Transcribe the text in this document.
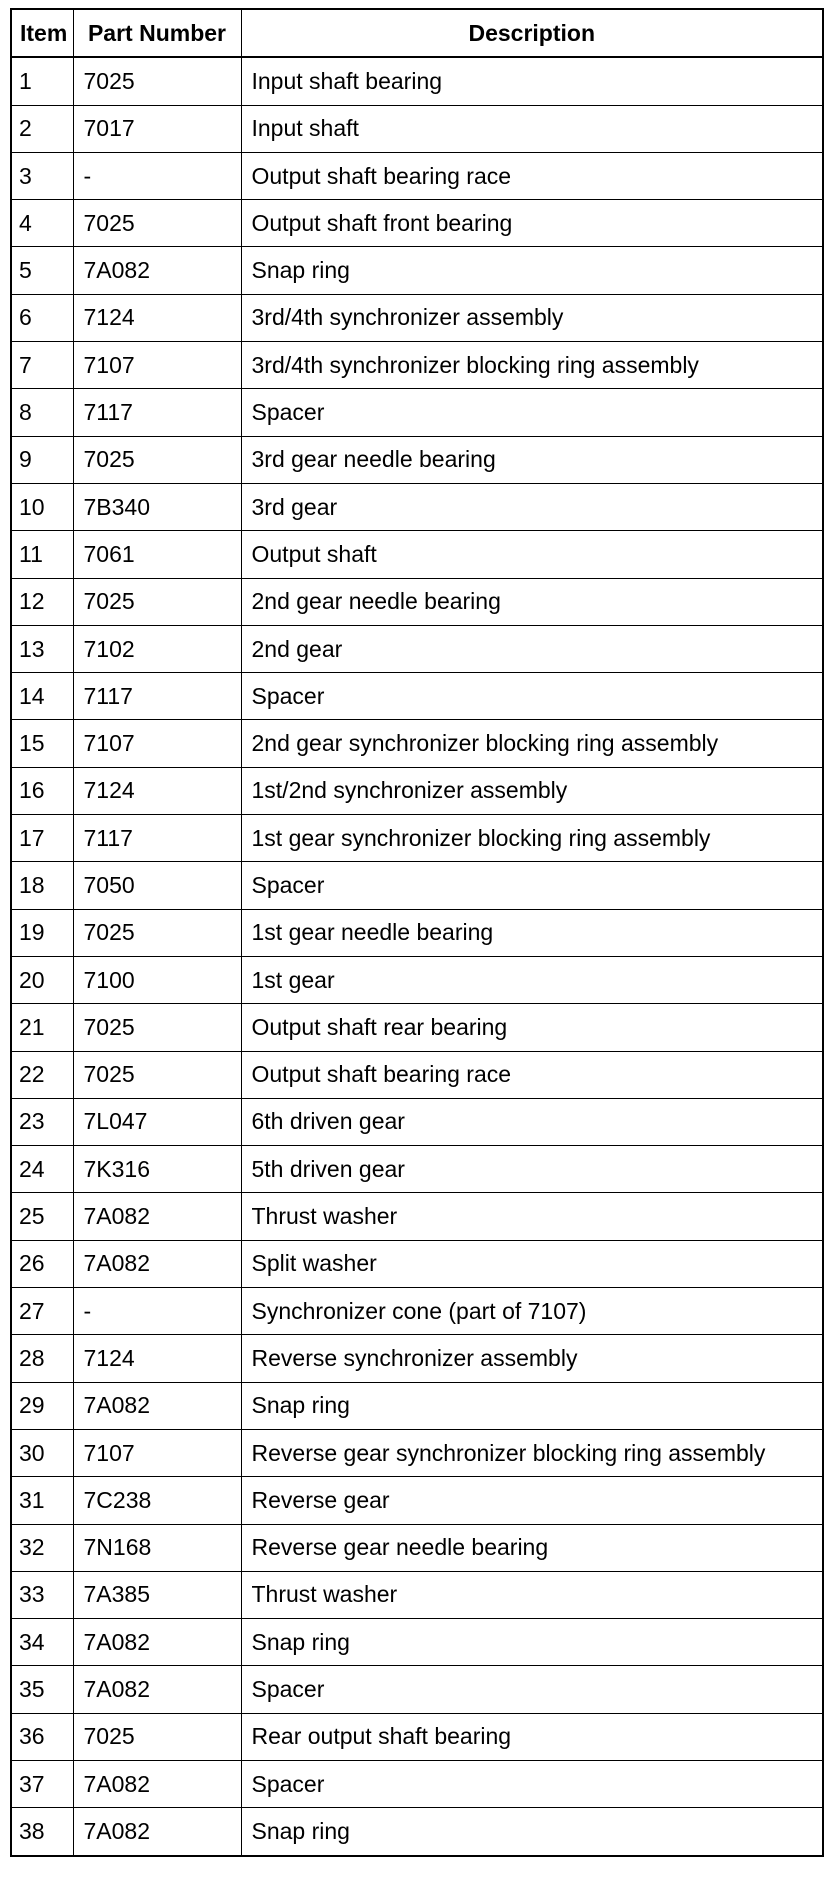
Item	Part Number	Description
1	7025	Input shaft bearing
2	7017	Input shaft
3	-	Output shaft bearing race
4	7025	Output shaft front bearing
5	7A082	Snap ring
6	7124	3rd/4th synchronizer assembly
7	7107	3rd/4th synchronizer blocking ring assembly
8	7117	Spacer
9	7025	3rd gear needle bearing
10	7B340	3rd gear
11	7061	Output shaft
12	7025	2nd gear needle bearing
13	7102	2nd gear
14	7117	Spacer
15	7107	2nd gear synchronizer blocking ring assembly
16	7124	1st/2nd synchronizer assembly
17	7117	1st gear synchronizer blocking ring assembly
18	7050	Spacer
19	7025	1st gear needle bearing
20	7100	1st gear
21	7025	Output shaft rear bearing
22	7025	Output shaft bearing race
23	7L047	6th driven gear
24	7K316	5th driven gear
25	7A082	Thrust washer
26	7A082	Split washer
27	-	Synchronizer cone (part of 7107)
28	7124	Reverse synchronizer assembly
29	7A082	Snap ring
30	7107	Reverse gear synchronizer blocking ring assembly
31	7C238	Reverse gear
32	7N168	Reverse gear needle bearing
33	7A385	Thrust washer
34	7A082	Snap ring
35	7A082	Spacer
36	7025	Rear output shaft bearing
37	7A082	Spacer
38	7A082	Snap ring
